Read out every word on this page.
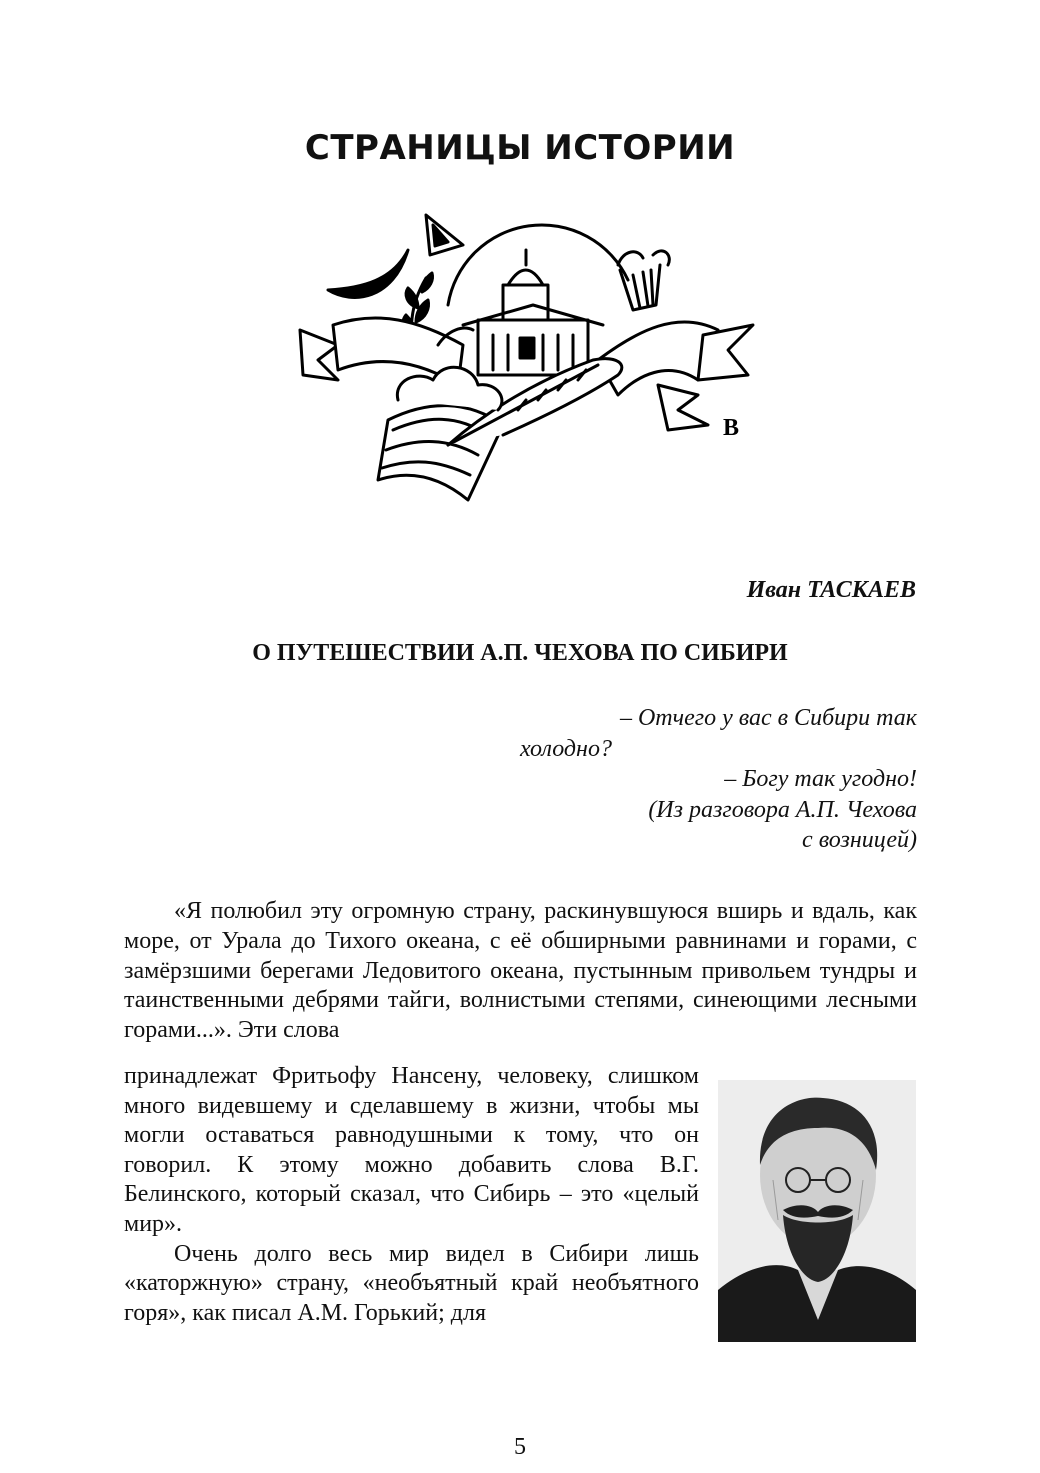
СТРАНИЦЫ ИСТОРИИ
В
Иван ТАСКАЕВ
О ПУТЕШЕСТВИИ А.П. ЧЕХОВА ПО СИБИРИ
– Отчего у вас в Сибири так
холодно?
– Богу так угодно!
(Из разговора А.П. Чехова
с возницей)

«Я полюбил эту огромную страну, раскинувшуюся вширь и вдаль, как море, от Урала до Тихого океана, с её обширными равнинами и горами, с замёрзшими берегами Ледовитого океана, пустынным привольем тундры и таинственными дебрями тайги, волнистыми степями, синеющими лесными горами...». Эти слова

принадлежат Фритьофу Нансену, человеку, слишком много видевшему и сделавшему в жизни, чтобы мы могли оставаться равнодушными к тому, что он говорил. К этому можно добавить слова В.Г. Белинского, который сказал, что Сибирь – это «целый мир».

Очень долго весь мир видел в Сибири лишь «каторжную» страну, «необъятный край необъятного горя», как писал А.М. Горький; для

5
